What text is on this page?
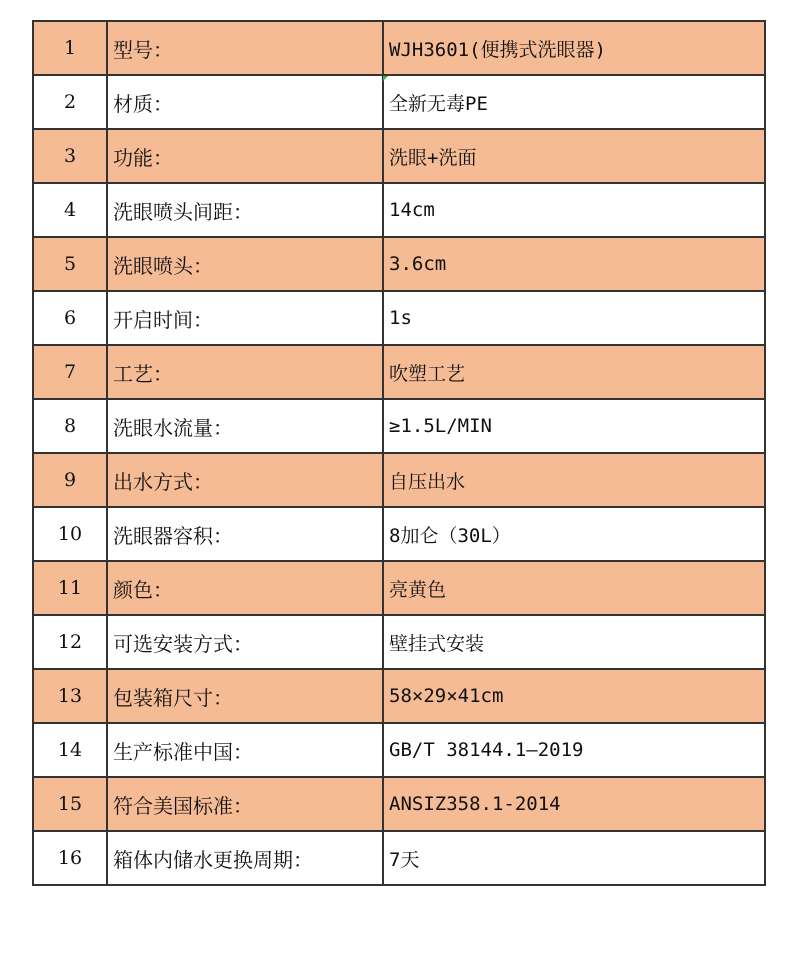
1	型号：	WJH3601(便携式洗眼器)
2	材质：	全新无毒PE
3	功能：	洗眼+洗面
4	洗眼喷头间距：	14cm
5	洗眼喷头：	3.6cm
6	开启时间：	1s
7	工艺：	吹塑工艺
8	洗眼水流量：	≥1.5L/MIN
9	出水方式：	自压出水
10	洗眼器容积：	8加仑（30L）
11	颜色：	亮黄色
12	可选安装方式：	壁挂式安装
13	包装箱尺寸：	58×29×41cm
14	生产标准中国：	GB/T 38144.1—2019
15	符合美国标准：	ANSIZ358.1-2014
16	箱体内储水更换周期：	7天
